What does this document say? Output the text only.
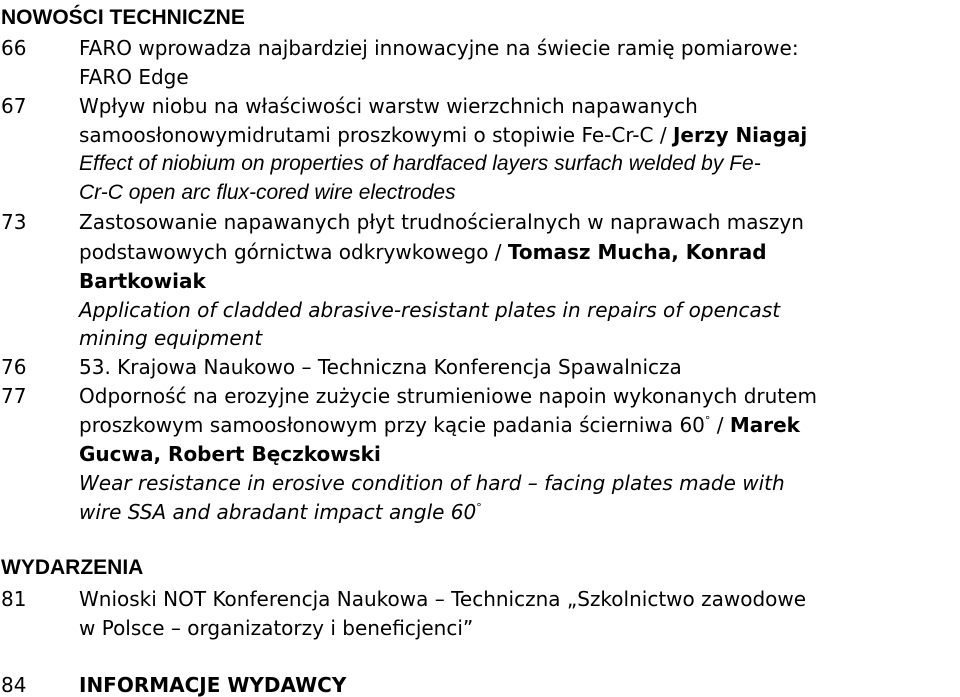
NOWOŚCI TECHNICZNE
66	FARO wprowadza najbardziej innowacyjne na świecie ramię pomiarowe:
FARO Edge
67	Wpływ niobu na właściwości warstw wierzchnich napawanych
samoosłonowymidrutami proszkowymi o stopiwie Fe-Cr-C / Jerzy Niagaj
Effect of niobium on properties of hardfaced layers surfach welded by Fe-
Cr-C open arc flux-cored wire electrodes
73	Zastosowanie napawanych płyt trudnościeralnych w naprawach maszyn
podstawowych górnictwa odkrywkowego / Tomasz Mucha, Konrad
Bartkowiak
Application of cladded abrasive-resistant plates in repairs of opencast
mining equipment
76	53. Krajowa Naukowo – Techniczna Konferencja Spawalnicza
77	Odporność na erozyjne zużycie strumieniowe napoin wykonanych drutem
proszkowym samoosłonowym przy kącie padania ścierniwa 60° / Marek
Gucwa, Robert Bęczkowski
Wear resistance in erosive condition of hard – facing plates made with
wire SSA and abradant impact angle 60°
WYDARZENIA
81	Wnioski NOT Konferencja Naukowa – Techniczna „Szkolnictwo zawodowe
w Polsce – organizatorzy i beneficjenci”
84	INFORMACJE WYDAWCY
